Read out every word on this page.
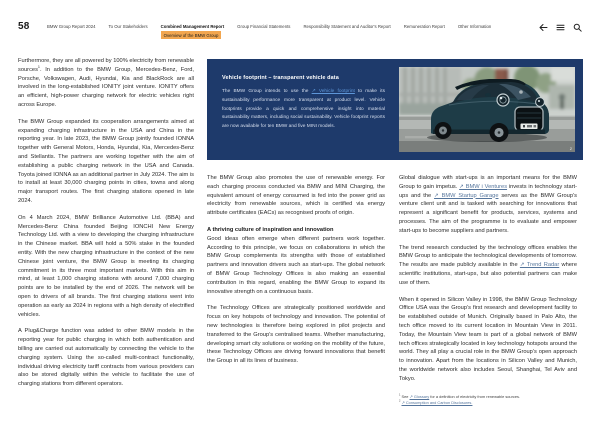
58	BMW Group Report 2024	To Our Stakeholders	Combined Management Report
Overview of the BMW Group
Group Financial Statements	Responsibility Statement and Auditor's Report	Remuneration Report	Other Information

Furthermore, they are all powered by 100% electricity from renewable sources$^1$. In addition to the BMW Group, Mercedes-Benz, Ford, Porsche, Volkswagen, Audi, Hyundai, Kia and BlackRock are all involved in the long-established IONITY joint venture. IONITY offers an efficient, high-power charging network for electric vehicles right across Europe.

The BMW Group expanded its cooperation arrangements aimed at expanding charging infrastructure in the USA and China in the reporting year. In late 2023, the BMW Group jointly founded IONNA together with General Motors, Honda, Hyundai, Kia, Mercedes-Benz and Stellantis. The partners are working together with the aim of establishing a public charging network in the USA and Canada. Toyota joined IONNA as an additional partner in July 2024. The aim is to install at least 30,000 charging points in cities, towns and along major transport routes. The first charging stations opened in late 2024.

On 4 March 2024, BMW Brilliance Automotive Ltd. (BBA) and Mercedes-Benz China founded Beijing IONCHI New Energy Technology Ltd. with a view to developing the charging infrastructure in the Chinese market. BBA will hold a 50% stake in the founded entity. With the new charging infrastructure in the context of the new Chinese joint venture, the BMW Group is meeting its charging commitment in its three most important markets. With this aim in mind, at least 1,000 charging stations with around 7,000 charging points are to be installed by the end of 2026. The network will be open to drivers of all brands. The first charging stations went into operation as early as 2024 in regions with a high density of electrified vehicles.

A Plug&Charge function was added to other BMW models in the reporting year for public charging in which both authentication and billing are carried out automatically by connecting the vehicle to the charging system. Using the so-called multi-contract functionality, individual driving electricity tariff contracts from various providers can also be stored digitally within the vehicle to facilitate the use of charging stations from different operators.

Vehicle footprint – transparent vehicle data

The BMW Group intends to use the ↗ Vehicle footprint to make its sustainability performance more transparent at product level. Vehicle footprints provide a quick and comprehensive insight into material sustainability matters, including social sustainability. Vehicle footprint reports are now available for ten BMW and five MINI models.

2

The BMW Group also promotes the use of renewable energy. For each charging process conducted via BMW and MINI Charging, the equivalent amount of energy consumed is fed into the power grid as electricity from renewable sources, which is certified via energy attribute certificates (EACs) as recognised proofs of origin.

A thriving culture of inspiration and innovation

Good ideas often emerge when different partners work together. According to this principle, we focus on collaborations in which the BMW Group complements its strengths with those of established partners and innovation drivers such as start-ups. The global network of BMW Group Technology Offices is also making an essential contribution in this regard, enabling the BMW Group to expand its innovative strength on a continuous basis.

The Technology Offices are strategically positioned worldwide and focus on key hotspots of technology and innovation. The potential of new technologies is therefore being explored in pilot projects and transferred to the Group’s centralised teams. Whether manufacturing, developing smart city solutions or working on the mobility of the future, these Technology Offices are driving forward innovations that benefit the Group in all its lines of business.

Global dialogue with start-ups is an important means for the BMW Group to gain impetus. ↗ BMW i Ventures invests in technology start-ups and the ↗ BMW Startup Garage serves as the BMW Group’s venture client unit and is tasked with searching for innovations that represent a significant benefit for products, services, systems and processes. The aim of the programme is to evaluate and empower start-ups to become suppliers and partners.

The trend research conducted by the technology offices enables the BMW Group to anticipate the technological developments of tomorrow. The results are made publicly available in the ↗ Trend Radar where scientific institutions, start-ups, but also potential partners can make use of them.

When it opened in Silicon Valley in 1998, the BMW Group Technology Office USA was the Group’s first research and development facility to be established outside of Munich. Originally based in Palo Alto, the tech office moved to its current location in Mountain View in 2011. Today, the Mountain View team is part of a global network of BMW tech offices strategically located in key technology hotspots around the world. They all play a crucial role in the BMW Group’s open approach to innovation. Apart from the locations in Silicon Valley and Munich, the worldwide network also includes Seoul, Shanghai, Tel Aviv and Tokyo.

$^1$ See ↗ Glossary for a definition of electricity from renewable sources.

$^2$ ↗ Consumption and Carbon Disclosures.
